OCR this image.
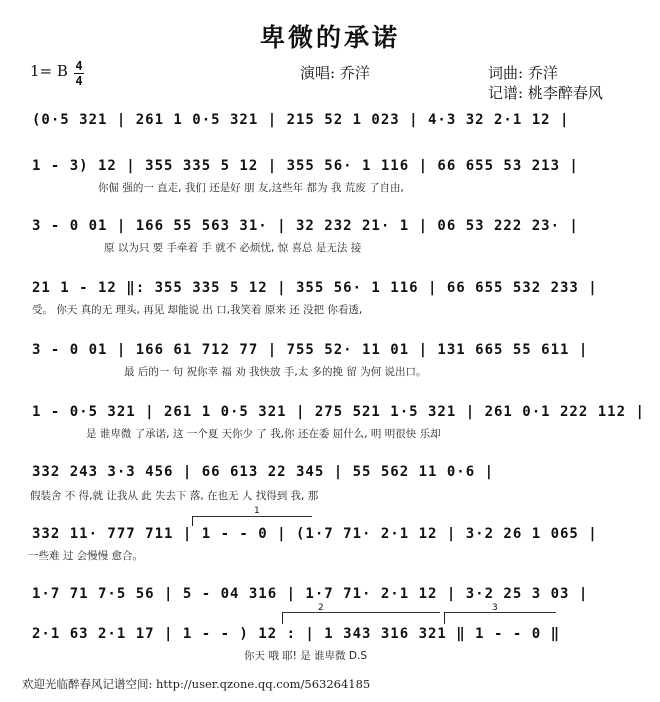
卑微的承诺
1= B 4
4	演唱: 乔洋	词曲: 乔洋
记谱: 桃李醉春风
(0·5 321 | 261 1 0·5 321 | 215 52 1 023 | 4·3 32 2·1 12 |
1 - 3) 12 | 355 335 5 12 | 355 56· 1 116 | 66 655 53 213 |
你倔 强的一 直走, 我们 还是好 朋 友,这些年 都为 我 荒废 了自由,
3 - 0 01 | 166 55 563 31· | 32 232 21· 1 | 06 53 222 23· |
原 以为只 要 手牵着 手 就不 必烦忧, 惊 喜总 是无法 接
21 1 - 12 ‖: 355 335 5 12 | 355 56· 1 116 | 66 655 532 233 |
受。 你天 真的无 理头, 再见 却能说 出 口,我笑着 原来 还 没把 你看透,
3 - 0 01 | 166 61 712 77 | 755 52· 11 01 | 131 665 55 611 |
最 后的一 句 祝你幸 福 劝 我快放 手,太 多的挽 留 为何 说出口。
1 - 0·5 321 | 261 1 0·5 321 | 275 521 1·5 321 | 261 0·1 222 112 |
是 谁卑微 了承诺, 这 一个夏 天你少 了 我,你 还在委 屈什么, 明 明很快 乐却
332 243 3·3 456 | 66 613 22 345 | 55 562 11 0·6 |
假装舍 不 得,就 让我从 此 失去下 落, 在也无 人 找得到 我, 那
1
332 11· 777 711 | 1 - - 0 | (1·7 71· 2·1 12 | 3·2 26 1 065 |
一些难 过 会慢慢 愈合。
1·7 71 7·5 56 | 5 - 04 316 | 1·7 71· 2·1 12 | 3·2 25 3 03 |
2	3
2·1 63 2·1 17 | 1 - - ) 12 : | 1 343 316 321 ‖ 1 - - 0 ‖
你天 哦 耶! 是 谁卑微 D.S
欢迎光临醉春风记谱空间: http://user.qzone.qq.com/563264185
